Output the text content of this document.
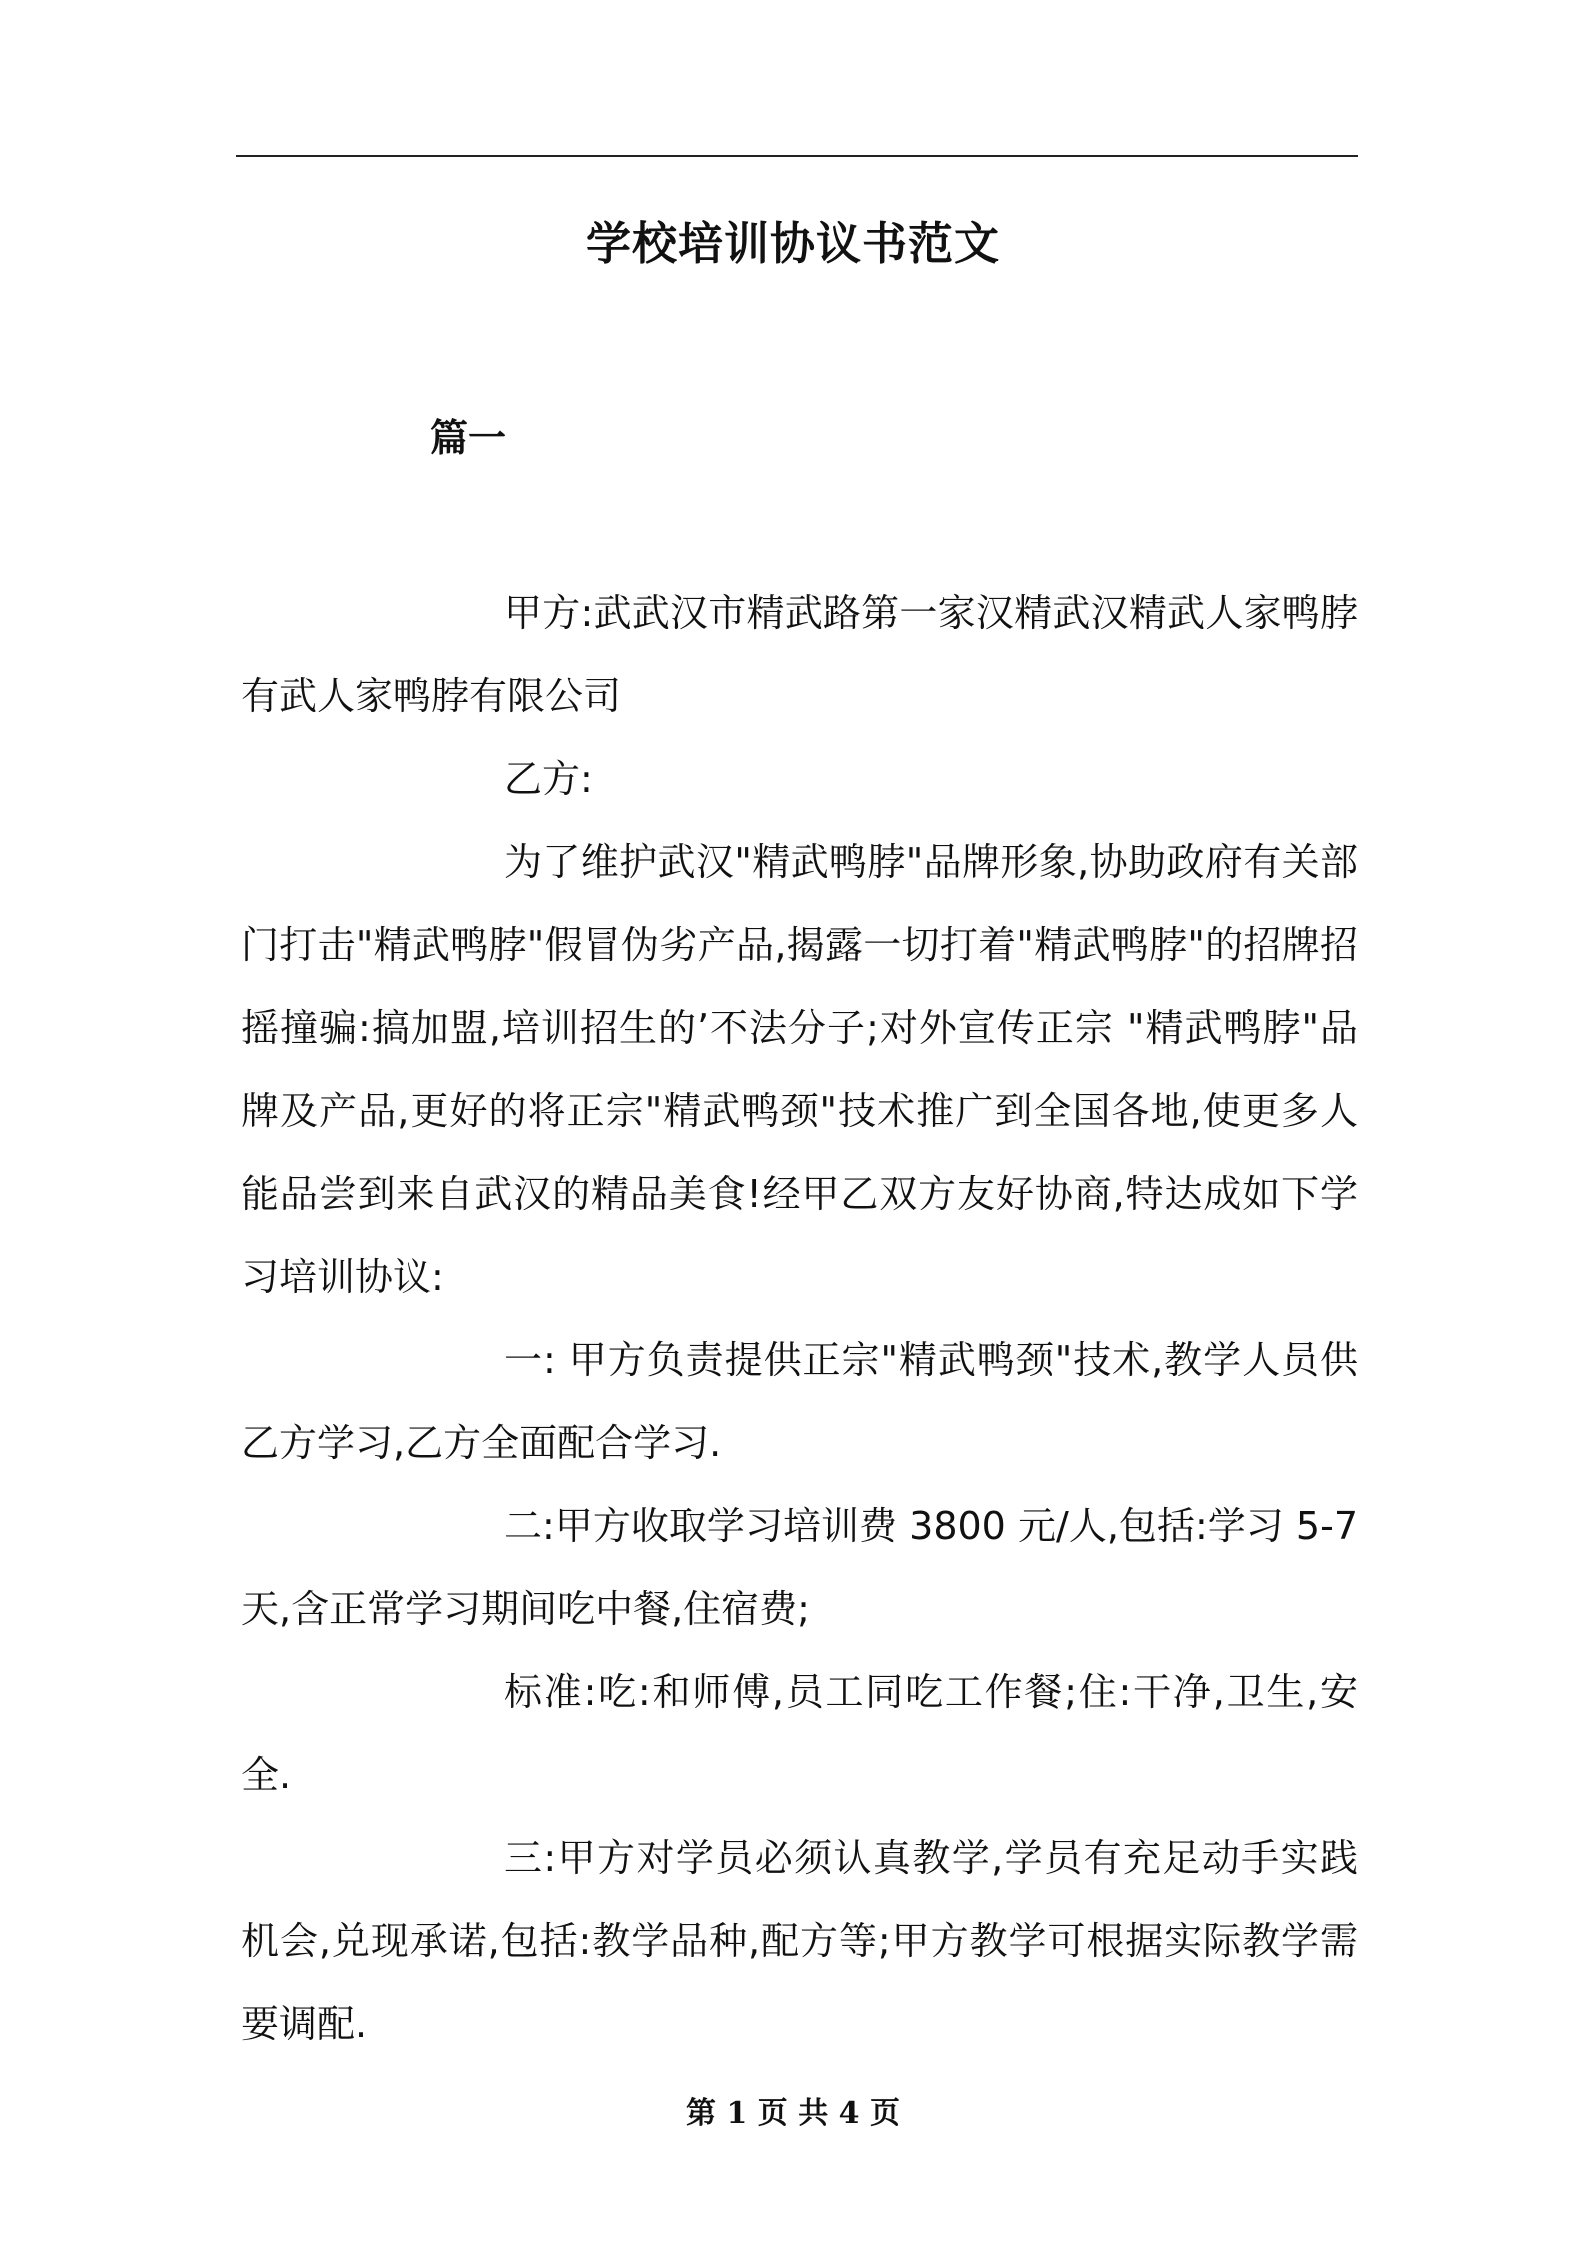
学校培训协议书范文
篇一

甲方:武武汉市精武路第一家汉精武汉精武人家鸭脖有武人家鸭脖有限公司

乙方:

为了维护武汉"精武鸭脖"品牌形象,协助政府有关部门打击"精武鸭脖"假冒伪劣产品,揭露一切打着"精武鸭脖"的招牌招摇撞骗:搞加盟,培训招生的’不法分子;对外宣传正宗 "精武鸭脖"品牌及产品,更好的将正宗"精武鸭颈"技术推广到全国各地,使更多人能品尝到来自武汉的精品美食!经甲乙双方友好协商,特达成如下学习培训协议:

一: 甲方负责提供正宗"精武鸭颈"技术,教学人员供乙方学习,乙方全面配合学习.

二:甲方收取学习培训费 3800 元/人,包括:学习 5-7 天,含正常学习期间吃中餐,住宿费;

标准:吃:和师傅,员工同吃工作餐;住:干净,卫生,安全.

三:甲方对学员必须认真教学,学员有充足动手实践机会,兑现承诺,包括:教学品种,配方等;甲方教学可根据实际教学需要调配.

第 1 页 共 4 页
